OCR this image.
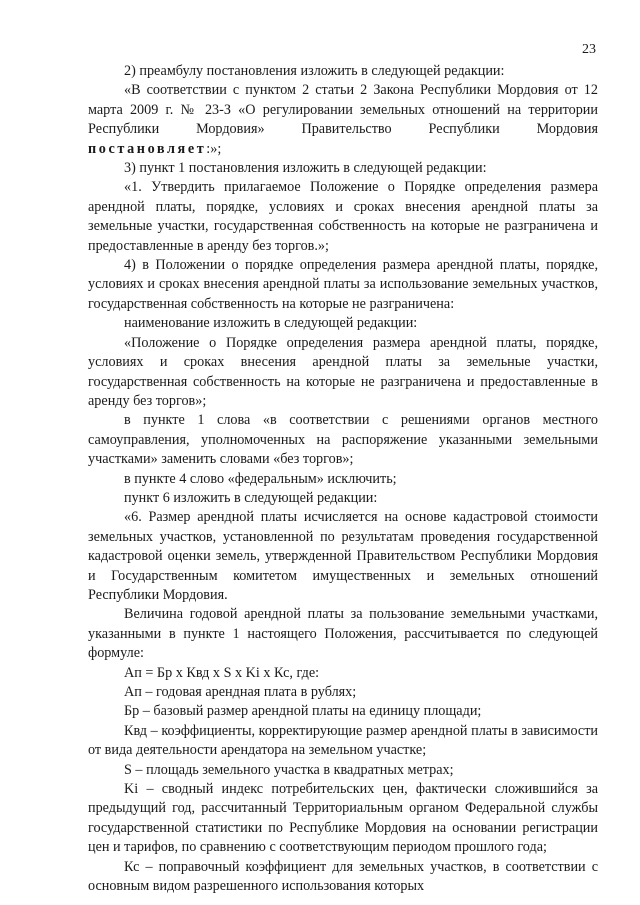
23

2) преамбулу постановления изложить в следующей редакции:

«В соответствии с пунктом 2 статьи 2 Закона Республики Мордовия от 12 марта 2009 г. № 23-З «О регулировании земельных отношений на территории Республики Мордовия» Правительство Республики Мордовия постановляет:»;

3) пункт 1 постановления изложить в следующей редакции:

«1. Утвердить прилагаемое Положение о Порядке определения размера арендной платы, порядке, условиях и сроках внесения арендной платы за земельные участки, государственная собственность на которые не разграничена и предоставленные в аренду без торгов.»;

4) в Положении о порядке определения размера арендной платы, порядке, условиях и сроках внесения арендной платы за использование земельных участков, государственная собственность на которые не разграничена:

наименование изложить в следующей редакции:

«Положение о Порядке определения размера арендной платы, порядке, условиях и сроках внесения арендной платы за земельные участки, государственная собственность на которые не разграничена и предоставленные в аренду без торгов»;

в пункте 1 слова «в соответствии с решениями органов местного самоуправления, уполномоченных на распоряжение указанными земельными участками» заменить словами «без торгов»;

в пункте 4 слово «федеральным» исключить;

пункт 6 изложить в следующей редакции:

«6. Размер арендной платы исчисляется на основе кадастровой стоимости земельных участков, установленной по результатам проведения государственной кадастровой оценки земель, утвержденной Правительством Республики Мордовия и Государственным комитетом имущественных и земельных отношений Республики Мордовия.

Величина годовой арендной платы за пользование земельными участками, указанными в пункте 1 настоящего Положения, рассчитывается по следующей формуле:

Ап = Бр х Квд х S х Ki х Кс, где:

Ап – годовая арендная плата в рублях;

Бр – базовый размер арендной платы на единицу площади;

Квд – коэффициенты, корректирующие размер арендной платы в зависимости от вида деятельности арендатора на земельном участке;

S – площадь земельного участка в квадратных метрах;

Ki – сводный индекс потребительских цен, фактически сложившийся за предыдущий год, рассчитанный Территориальным органом Федеральной службы государственной статистики по Республике Мордовия на основании регистрации цен и тарифов, по сравнению с соответствующим периодом прошлого года;

Кс – поправочный коэффициент для земельных участков, в соответствии с основным видом разрешенного использования которых
